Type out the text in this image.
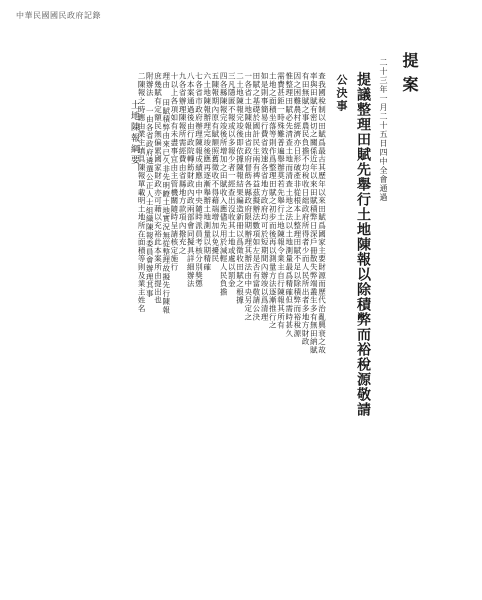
中華民國國民政府記錄
提案
二十三年一月二十五日四中全會通過
提議整理田賦先舉行土地陳報以除積弊而裕稅源敬請
公決事
查我國稅制以田賦爲最古其歷年以來田賦爲國家主要財源而歷代治亂興衰之故
率與田賦有密切之關係近年以來田賦積弊日深戶冊散失弊端叢生多有無田納賦
有田無賦之事農民負擔不均稅收日絀政府所得者少而人民所出者多地方財政
因之困難農村經濟亦日形破產非從根本上整理田賦不足以除積弊而裕稅源
惟整理田賦必先清查土地而清查土地之法以土地測量最爲精確但需時甚久
需費甚鉅一時殊難普遍舉辦莫若先舉行土地陳報令業主自行陳報其所有
土地之面積坐落等則作爲整理田賦之初步而後再以測量方法逐漸推行之
如是則事簡易行費省效速各省地方政府均可於短期間內辦竣以爲清理
田賦之基礎於國計民生兩有裨益茲擬辦法數項如左是否有當敬請公決
一各省土地陳報由省政府督飭各縣政府限期辦理其辦法由中央另定之
二土地陳報完竣後即依據陳報結果編造新冊以爲徵收田賦之根據
三凡隱匿不報或以多報少者一經查出沒收其土地或處以罰金
四各縣陳報完竣後所增加之田賦收入應儘先用於減輕人民負擔
五陳報期內原有賦額照舊徵收不得藉端增加以免擾民
六土地陳報辦理完竣後應再逐漸舉辦土地測量以期精確
七各省市政府辦理陳報成績應由中央隨時派員考核分別獎懲
八本案通過後由行政院轉飭財政內政兩部會同擬具詳細辦法
九各省辦理陳報所需經費由省縣地方款項內撥充之
十以上各項如有未盡事宜由主管機關隨時呈請核定施行
理由 田賦積弊由來已久非先明瞭土地實況無從整理故擬先行陳報
庶幾賦有定額民無偏累國家財政亦可藉以充裕此本案所由提出也
附辦法 一由各省政府遴選公正人士組織陳報委員會辦理其事
二陳報之時應由業主填具陳報單載明土地所在面積等則及業主姓名
土地陳報綱要
